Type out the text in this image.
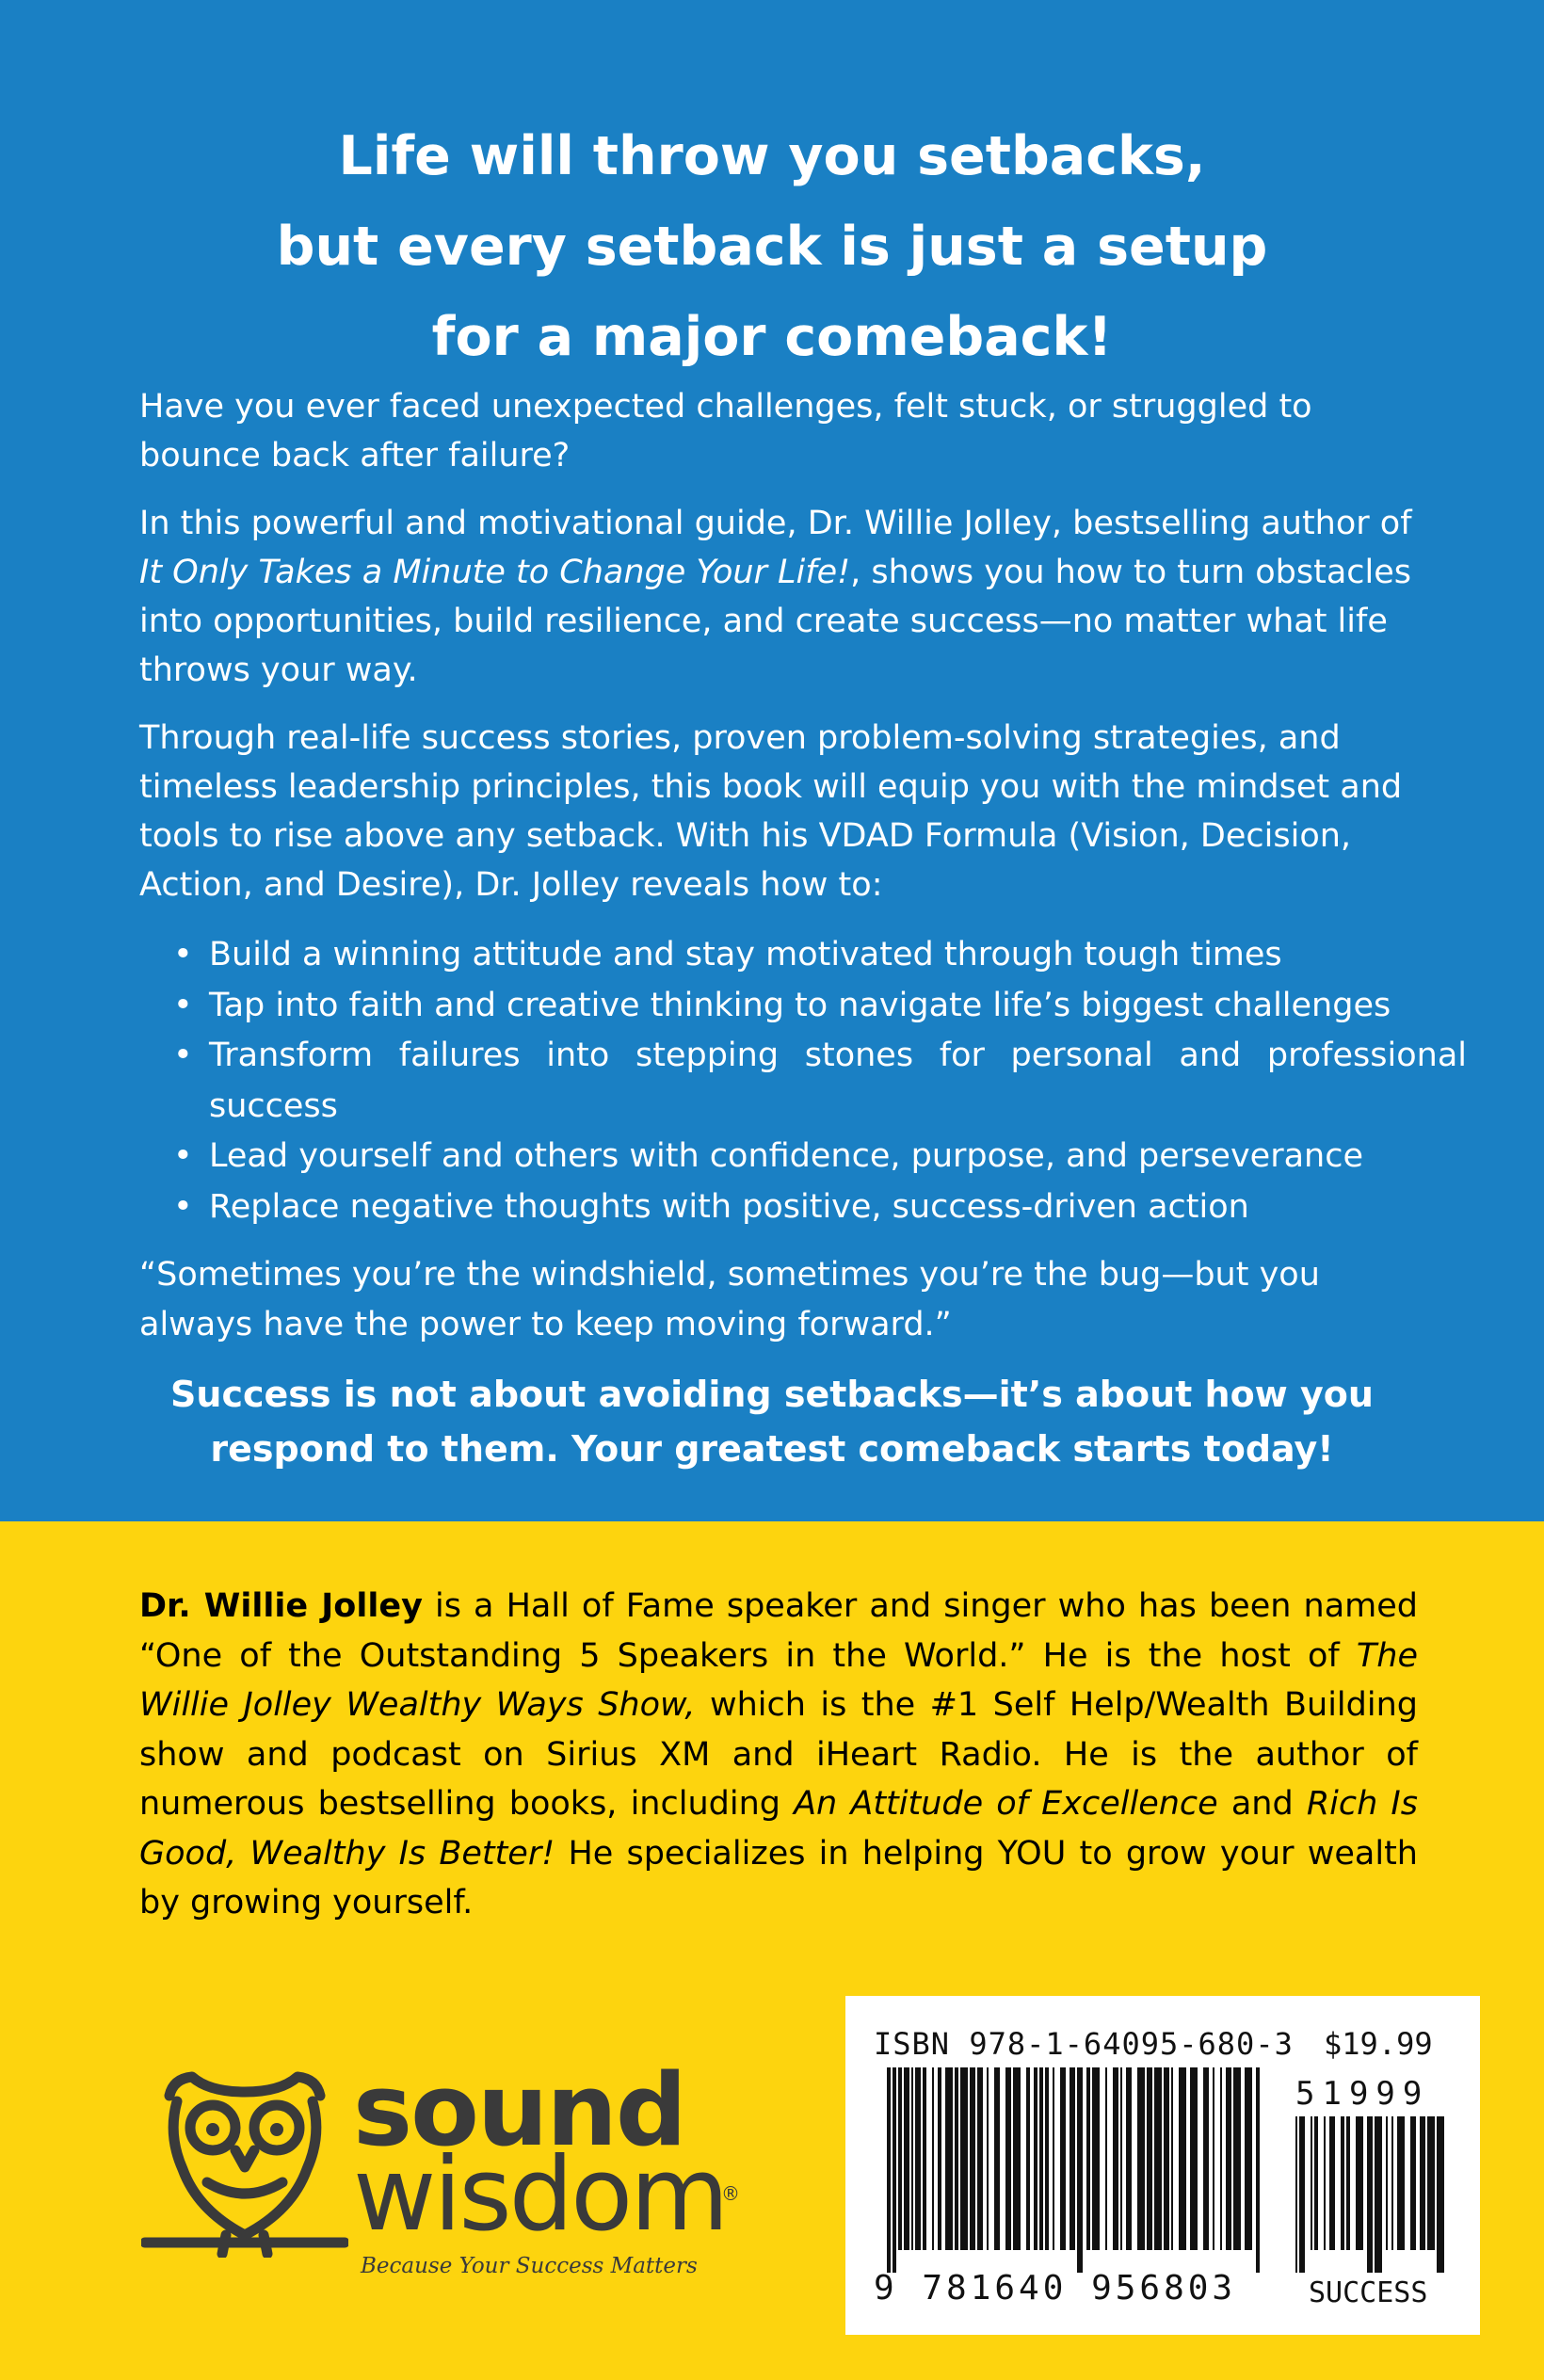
Life will throw you setbacks,
but every setback is just a setup
for a major comeback!

Have you ever faced unexpected challenges, felt stuck, or struggled to bounce back after failure?

In this powerful and motivational guide, Dr. Willie Jolley, bestselling author of It Only Takes a Minute to Change Your Life!, shows you how to turn obstacles into opportunities, build resilience, and create success—no matter what life throws your way.

Through real-life success stories, proven problem-solving strategies, and timeless leadership principles, this book will equip you with the mindset and tools to rise above any setback. With his VDAD Formula (Vision, Decision, Action, and Desire), Dr. Jolley reveals how to:

• Build a winning attitude and stay motivated through tough times
• Tap into faith and creative thinking to navigate life’s biggest challenges
• Transform failures into stepping stones for personal and professional success
• Lead yourself and others with confidence, purpose, and perseverance
• Replace negative thoughts with positive, success-driven action
“Sometimes you’re the windshield, sometimes you’re the bug—but you always have the power to keep moving forward.”
Success is not about avoiding setbacks—it’s about how you
respond to them. Your greatest comeback starts today!
Dr. Willie Jolley is a Hall of Fame speaker and singer who has been named “One of the Outstanding 5 Speakers in the World.” He is the host of The Willie Jolley Wealthy Ways Show, which is the #1 Self Help/Wealth Building show and podcast on Sirius XM and iHeart Radio. He is the author of numerous bestselling books, including An Attitude of Excellence and Rich Is Good, Wealthy Is Better! He specializes in helping YOU to grow your wealth by growing yourself.
sound
wisdom
®
Because Your Success Matters
ISBN 978-1-64095-680-3 $19.99
51999
9 781640 956803	SUCCESS
